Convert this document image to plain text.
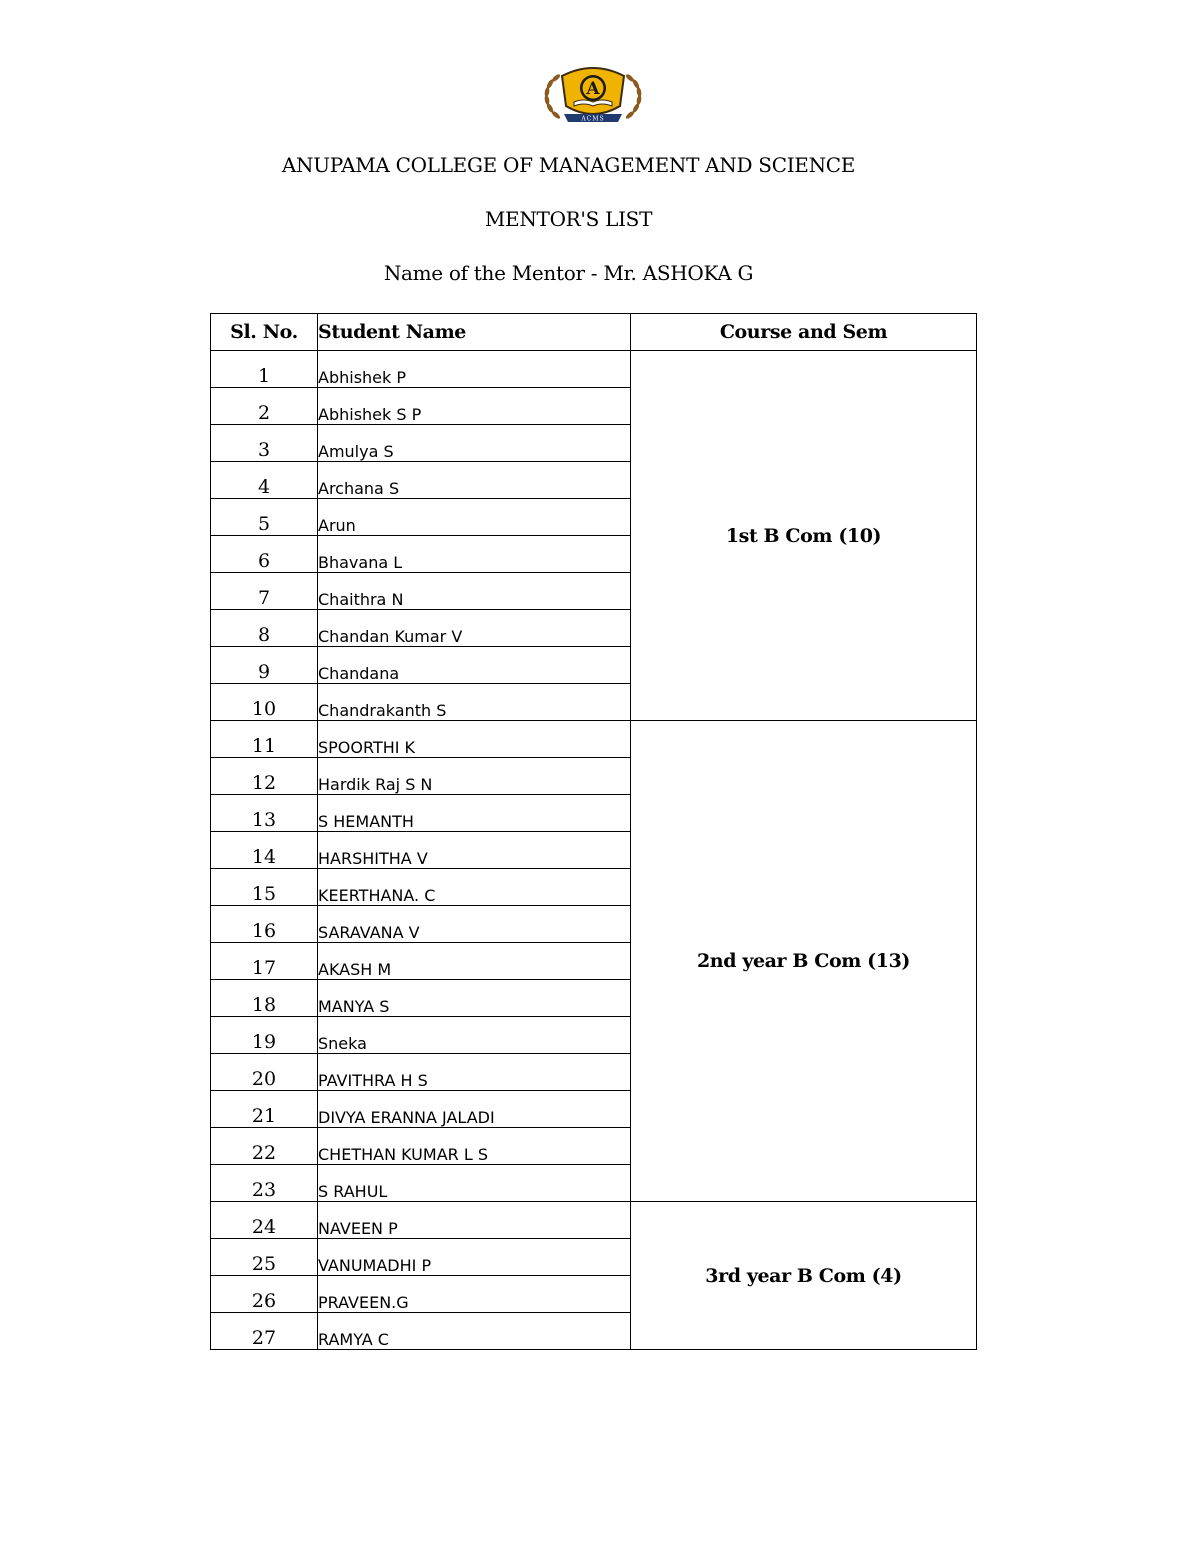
A
ACMS
ANUPAMA COLLEGE OF MANAGEMENT AND SCIENCE
MENTOR'S LIST
Name of the Mentor - Mr. ASHOKA G
Sl. No.	Student Name	Course and Sem
1	Abhishek P	1st B Com (10)
2	Abhishek S P	
3	Amulya S	
4	Archana S	
5	Arun	
6	Bhavana L	
7	Chaithra N	
8	Chandan Kumar V	
9	Chandana	
10	Chandrakanth S	
11	SPOORTHI K	2nd year B Com (13)
12	Hardik Raj S N	
13	S HEMANTH	
14	HARSHITHA V	
15	KEERTHANA. C	
16	SARAVANA V	
17	AKASH M	
18	MANYA S	
19	Sneka	
20	PAVITHRA H S	
21	DIVYA ERANNA JALADI	
22	CHETHAN KUMAR L S	
23	S RAHUL	
24	NAVEEN P	3rd year B Com (4)
25	VANUMADHI P	
26	PRAVEEN.G	
27	RAMYA C	
